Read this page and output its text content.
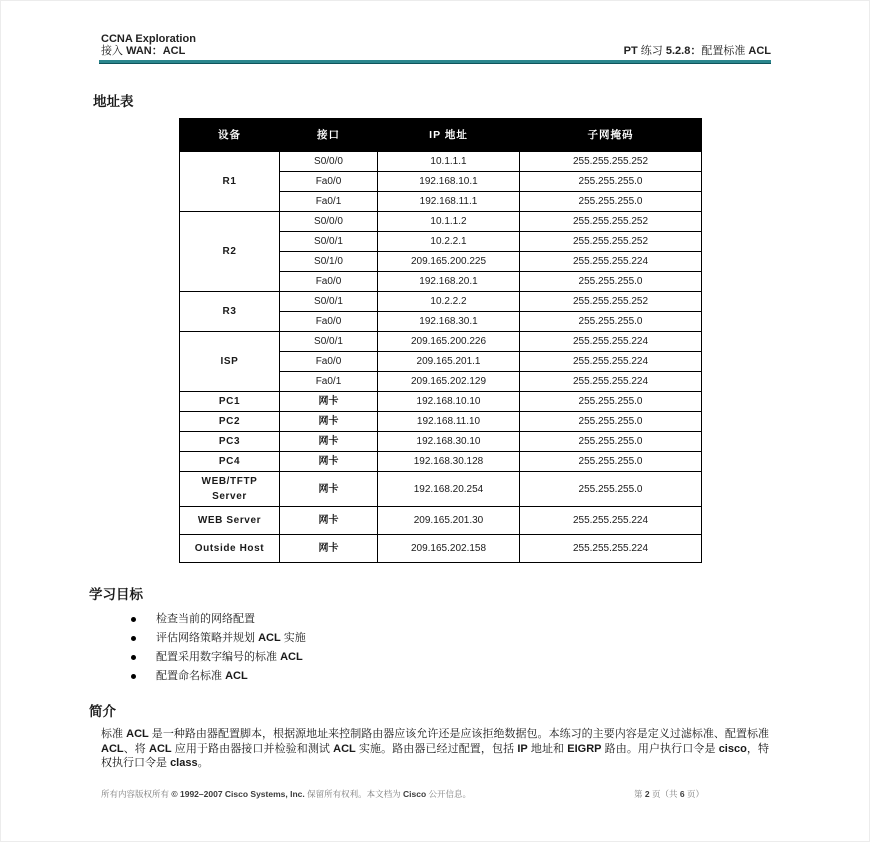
CCNA Exploration
接入 WAN：ACL	PT 练习 5.2.8：配置标准 ACL
地址表
设备	接口	IP 地址	子网掩码
R1	S0/0/0	10.1.1.1	255.255.255.252
	Fa0/0	192.168.10.1	255.255.255.0
	Fa0/1	192.168.11.1	255.255.255.0
R2	S0/0/0	10.1.1.2	255.255.255.252
	S0/0/1	10.2.2.1	255.255.255.252
	S0/1/0	209.165.200.225	255.255.255.224
	Fa0/0	192.168.20.1	255.255.255.0
R3	S0/0/1	10.2.2.2	255.255.255.252
	Fa0/0	192.168.30.1	255.255.255.0
ISP	S0/0/1	209.165.200.226	255.255.255.224
	Fa0/0	209.165.201.1	255.255.255.224
	Fa0/1	209.165.202.129	255.255.255.224
PC1	网卡	192.168.10.10	255.255.255.0
PC2	网卡	192.168.11.10	255.255.255.0
PC3	网卡	192.168.30.10	255.255.255.0
PC4	网卡	192.168.30.128	255.255.255.0
WEB/TFTP Server	网卡	192.168.20.254	255.255.255.0
WEB Server	网卡	209.165.201.30	255.255.255.224
Outside Host	网卡	209.165.202.158	255.255.255.224
学习目标
检查当前的网络配置
评估网络策略并规划 ACL 实施
配置采用数字编号的标准 ACL
配置命名标准 ACL
简介

标准 ACL 是一种路由器配置脚本，根据源地址来控制路由器应该允许还是应该拒绝数据包。本练习的主要内容是定义过滤标准、配置标准 ACL、将 ACL 应用于路由器接口并检验和测试 ACL 实施。路由器已经过配置，包括 IP 地址和 EIGRP 路由。用户执行口令是 cisco，特权执行口令是 class。

所有内容版权所有 © 1992–2007 Cisco Systems, Inc. 保留所有权利。本文档为 Cisco 公开信息。	第 2 页（共 6 页）
